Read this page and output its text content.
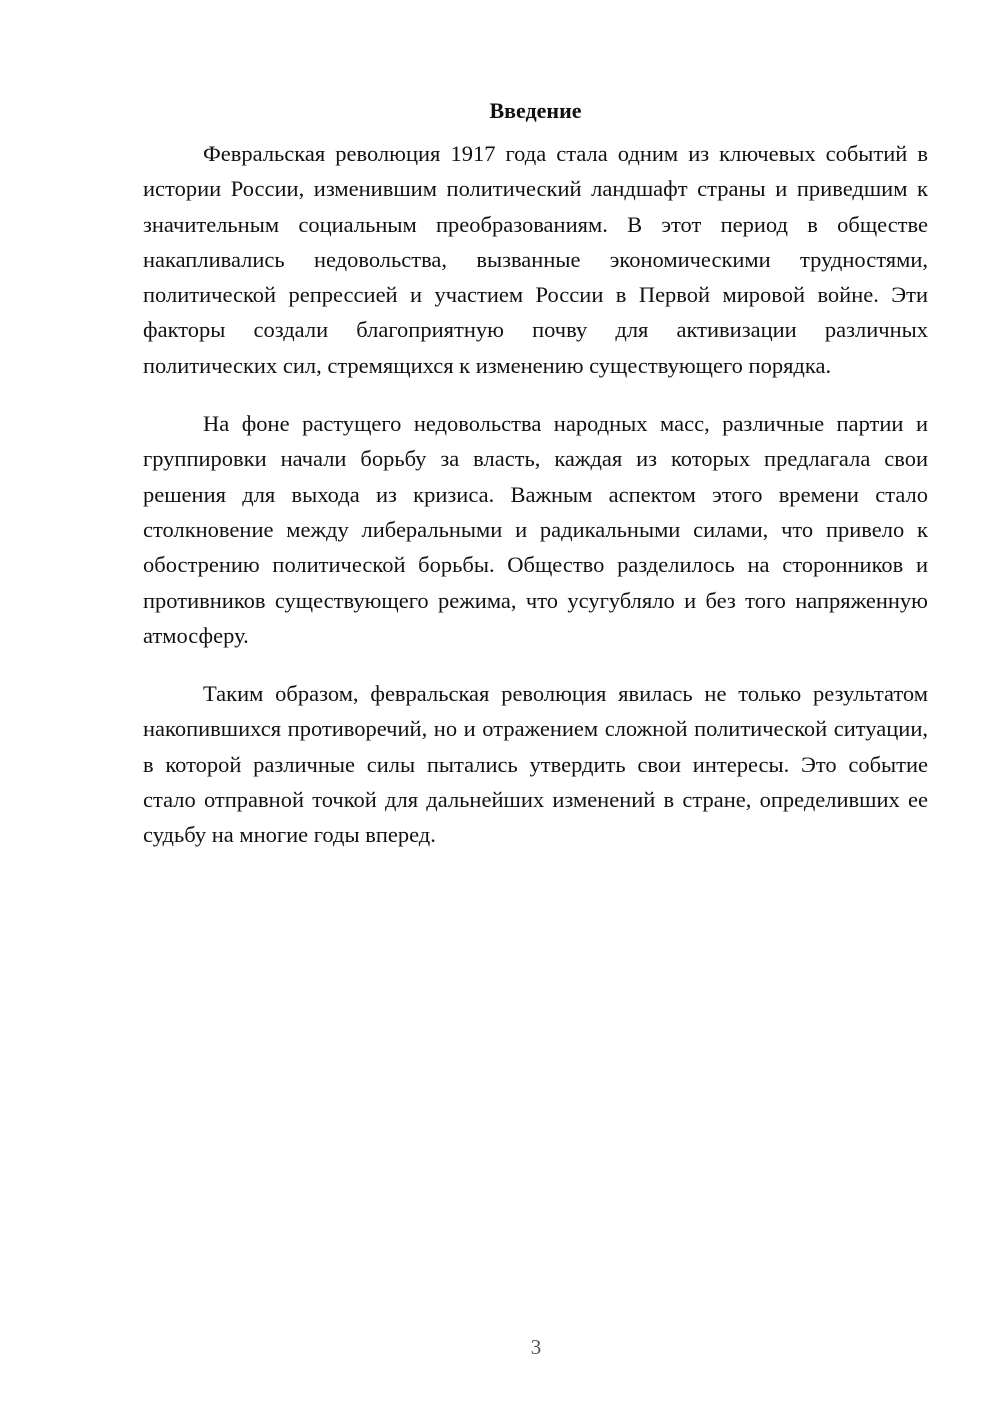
Введение

Февральская революция 1917 года стала одним из ключевых событий в истории России, изменившим политический ландшафт страны и приведшим к значительным социальным преобразованиям. В этот период в обществе накапливались недовольства, вызванные экономическими трудностями, политической репрессией и участием России в Первой мировой войне. Эти факторы создали благоприятную почву для активизации различных политических сил, стремящихся к изменению существующего порядка.

На фоне растущего недовольства народных масс, различные партии и группировки начали борьбу за власть, каждая из которых предлагала свои решения для выхода из кризиса. Важным аспектом этого времени стало столкновение между либеральными и радикальными силами, что привело к обострению политической борьбы. Общество разделилось на сторонников и противников существующего режима, что усугубляло и без того напряженную атмосферу.

Таким образом, февральская революция явилась не только результатом накопившихся противоречий, но и отражением сложной политической ситуации, в которой различные силы пытались утвердить свои интересы. Это событие стало отправной точкой для дальнейших изменений в стране, определивших ее судьбу на многие годы вперед.

3
